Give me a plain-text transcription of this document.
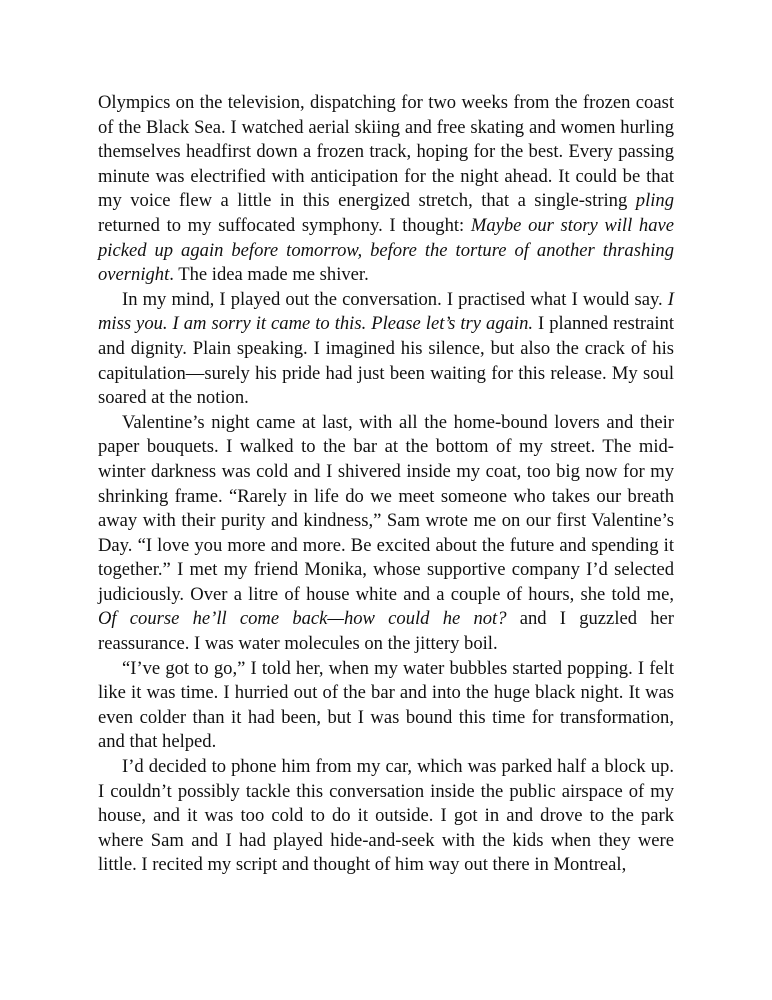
Olympics on the television, dispatching for two weeks from the frozen coast of the Black Sea. I watched aerial skiing and free skating and women hurling themselves headfirst down a frozen track, hoping for the best. Every passing minute was electrified with anticipation for the night ahead. It could be that my voice flew a little in this energized stretch, that a single-string pling returned to my suffocated symphony. I thought: Maybe our story will have picked up again before tomorrow, before the torture of another thrashing overnight. The idea made me shiver.

In my mind, I played out the conversation. I practised what I would say. I miss you. I am sorry it came to this. Please let’s try again. I planned restraint and dignity. Plain speaking. I imagined his silence, but also the crack of his capitulation—surely his pride had just been waiting for this release. My soul soared at the notion.

Valentine’s night came at last, with all the home-bound lovers and their paper bouquets. I walked to the bar at the bottom of my street. The mid-winter darkness was cold and I shivered inside my coat, too big now for my shrinking frame. “Rarely in life do we meet someone who takes our breath away with their purity and kindness,” Sam wrote me on our first Valentine’s Day. “I love you more and more. Be excited about the future and spending it together.” I met my friend Monika, whose supportive company I’d selected judiciously. Over a litre of house white and a couple of hours, she told me, Of course he’ll come back—how could he not? and I guzzled her reassurance. I was water molecules on the jittery boil.

“I’ve got to go,” I told her, when my water bubbles started popping. I felt like it was time. I hurried out of the bar and into the huge black night. It was even colder than it had been, but I was bound this time for transformation, and that helped.

I’d decided to phone him from my car, which was parked half a block up. I couldn’t possibly tackle this conversation inside the public airspace of my house, and it was too cold to do it outside. I got in and drove to the park where Sam and I had played hide-and-seek with the kids when they were little. I recited my script and thought of him way out there in Montreal,
